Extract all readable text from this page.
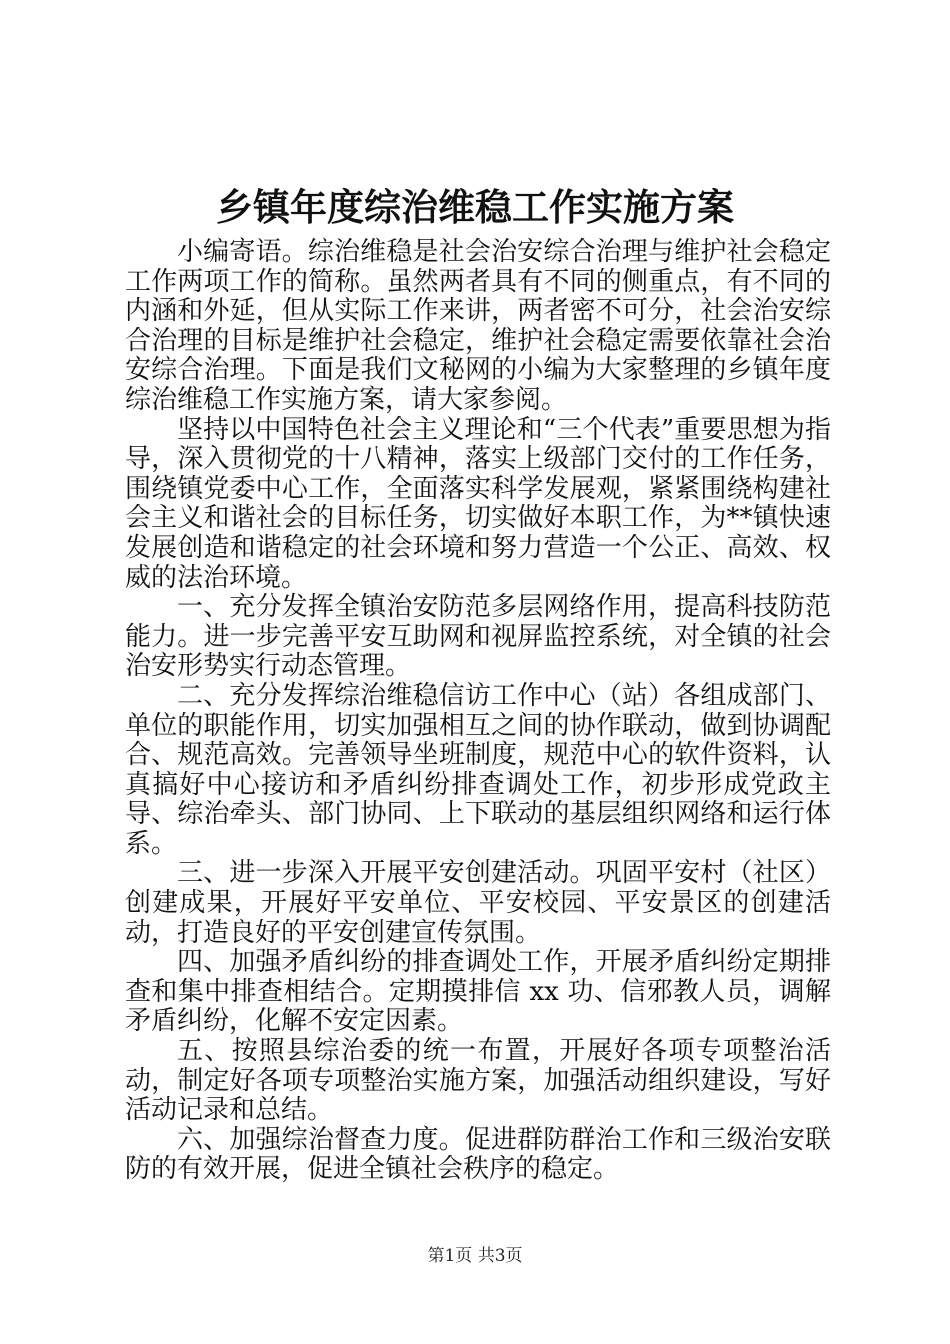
乡镇年度综治维稳工作实施方案

小编寄语。综治维稳是社会治安综合治理与维护社会稳定工作两项工作的简称。虽然两者具有不同的侧重点，有不同的内涵和外延，但从实际工作来讲，两者密不可分，社会治安综合治理的目标是维护社会稳定，维护社会稳定需要依靠社会治安综合治理。下面是我们文秘网的小编为大家整理的乡镇年度综治维稳工作实施方案，请大家参阅。

坚持以中国特色社会主义理论和“三个代表”重要思想为指导，深入贯彻党的十八精神，落实上级部门交付的工作任务，围绕镇党委中心工作，全面落实科学发展观，紧紧围绕构建社会主义和谐社会的目标任务，切实做好本职工作，为**镇快速发展创造和谐稳定的社会环境和努力营造一个公正、高效、权威的法治环境。

一、充分发挥全镇治安防范多层网络作用，提高科技防范能力。进一步完善平安互助网和视屏监控系统，对全镇的社会治安形势实行动态管理。

二、充分发挥综治维稳信访工作中心（站）各组成部门、单位的职能作用，切实加强相互之间的协作联动，做到协调配合、规范高效。完善领导坐班制度，规范中心的软件资料，认真搞好中心接访和矛盾纠纷排查调处工作，初步形成党政主导、综治牵头、部门协同、上下联动的基层组织网络和运行体系。

三、进一步深入开展平安创建活动。巩固平安村（社区）创建成果，开展好平安单位、平安校园、平安景区的创建活动，打造良好的平安创建宣传氛围。

四、加强矛盾纠纷的排查调处工作，开展矛盾纠纷定期排查和集中排查相结合。定期摸排信 xx 功、信邪教人员，调解矛盾纠纷，化解不安定因素。

五、按照县综治委的统一布置，开展好各项专项整治活动，制定好各项专项整治实施方案，加强活动组织建设，写好活动记录和总结。

六、加强综治督查力度。促进群防群治工作和三级治安联防的有效开展，促进全镇社会秩序的稳定。

第1页 共3页
